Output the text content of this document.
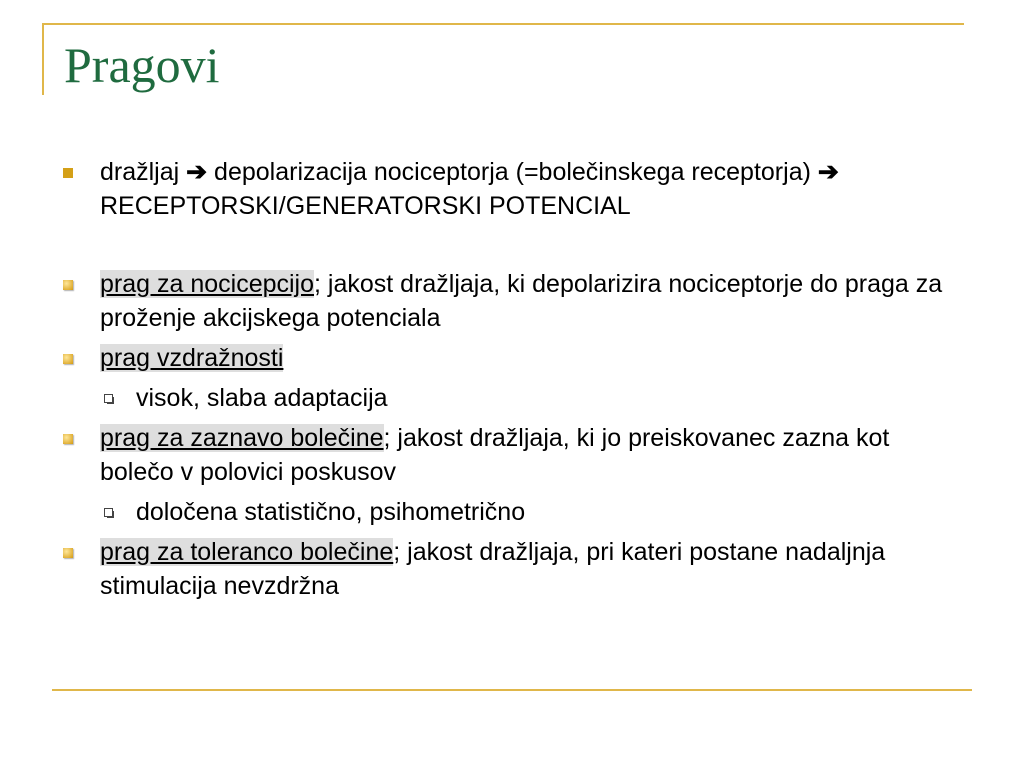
Pragovi
dražljaj ➔ depolarizacija nociceptorja (=bolečinskega receptorja) ➔ RECEPTORSKI/GENERATORSKI POTENCIAL
prag za nocicepcijo; jakost dražljaja, ki depolarizira nociceptorje do praga za proženje akcijskega potenciala
prag vzdražnosti
visok, slaba adaptacija
prag za zaznavo bolečine; jakost dražljaja, ki jo preiskovanec zazna kot bolečo v polovici poskusov
določena statistično, psihometrično
prag za toleranco bolečine; jakost dražljaja, pri kateri postane nadaljnja stimulacija nevzdržna
